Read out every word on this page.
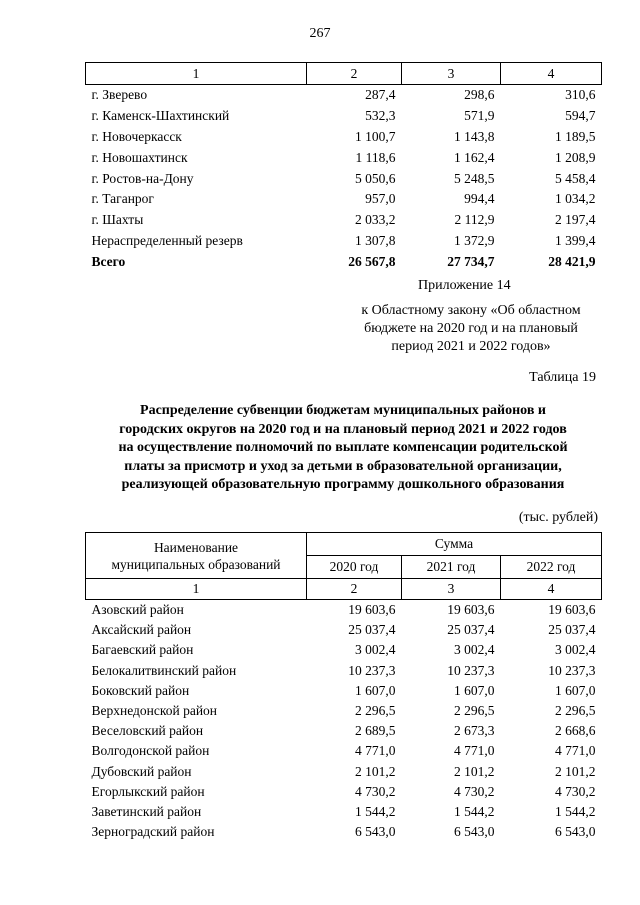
267
1	2	3	4
г. Зверево	287,4	298,6	310,6
г. Каменск-Шахтинский	532,3	571,9	594,7
г. Новочеркасск	1 100,7	1 143,8	1 189,5
г. Новошахтинск	1 118,6	1 162,4	1 208,9
г. Ростов-на-Дону	5 050,6	5 248,5	5 458,4
г. Таганрог	957,0	994,4	1 034,2
г. Шахты	2 033,2	2 112,9	2 197,4
Нераспределенный резерв	1 307,8	1 372,9	1 399,4
Всего	26 567,8	27 734,7	28 421,9
Приложение 14
к Областному закону «Об областном
бюджете на 2020 год и на плановый
период 2021 и 2022 годов»
Таблица 19
Распределение субвенции бюджетам муниципальных районов и
городских округов на 2020 год и на плановый период 2021 и 2022 годов
на осуществление полномочий по выплате компенсации родительской
платы за присмотр и уход за детьми в образовательной организации,
реализующей образовательную программу дошкольного образования
(тыс. рублей)
Наименование
муниципальных образований	Сумма		
	2020 год	2021 год	2022 год
1	2	3	4
Азовский район	19 603,6	19 603,6	19 603,6
Аксайский район	25 037,4	25 037,4	25 037,4
Багаевский район	3 002,4	3 002,4	3 002,4
Белокалитвинский район	10 237,3	10 237,3	10 237,3
Боковский район	1 607,0	1 607,0	1 607,0
Верхнедонской район	2 296,5	2 296,5	2 296,5
Веселовский район	2 689,5	2 673,3	2 668,6
Волгодонской район	4 771,0	4 771,0	4 771,0
Дубовский район	2 101,2	2 101,2	2 101,2
Егорлыкский район	4 730,2	4 730,2	4 730,2
Заветинский район	1 544,2	1 544,2	1 544,2
Зерноградский район	6 543,0	6 543,0	6 543,0
